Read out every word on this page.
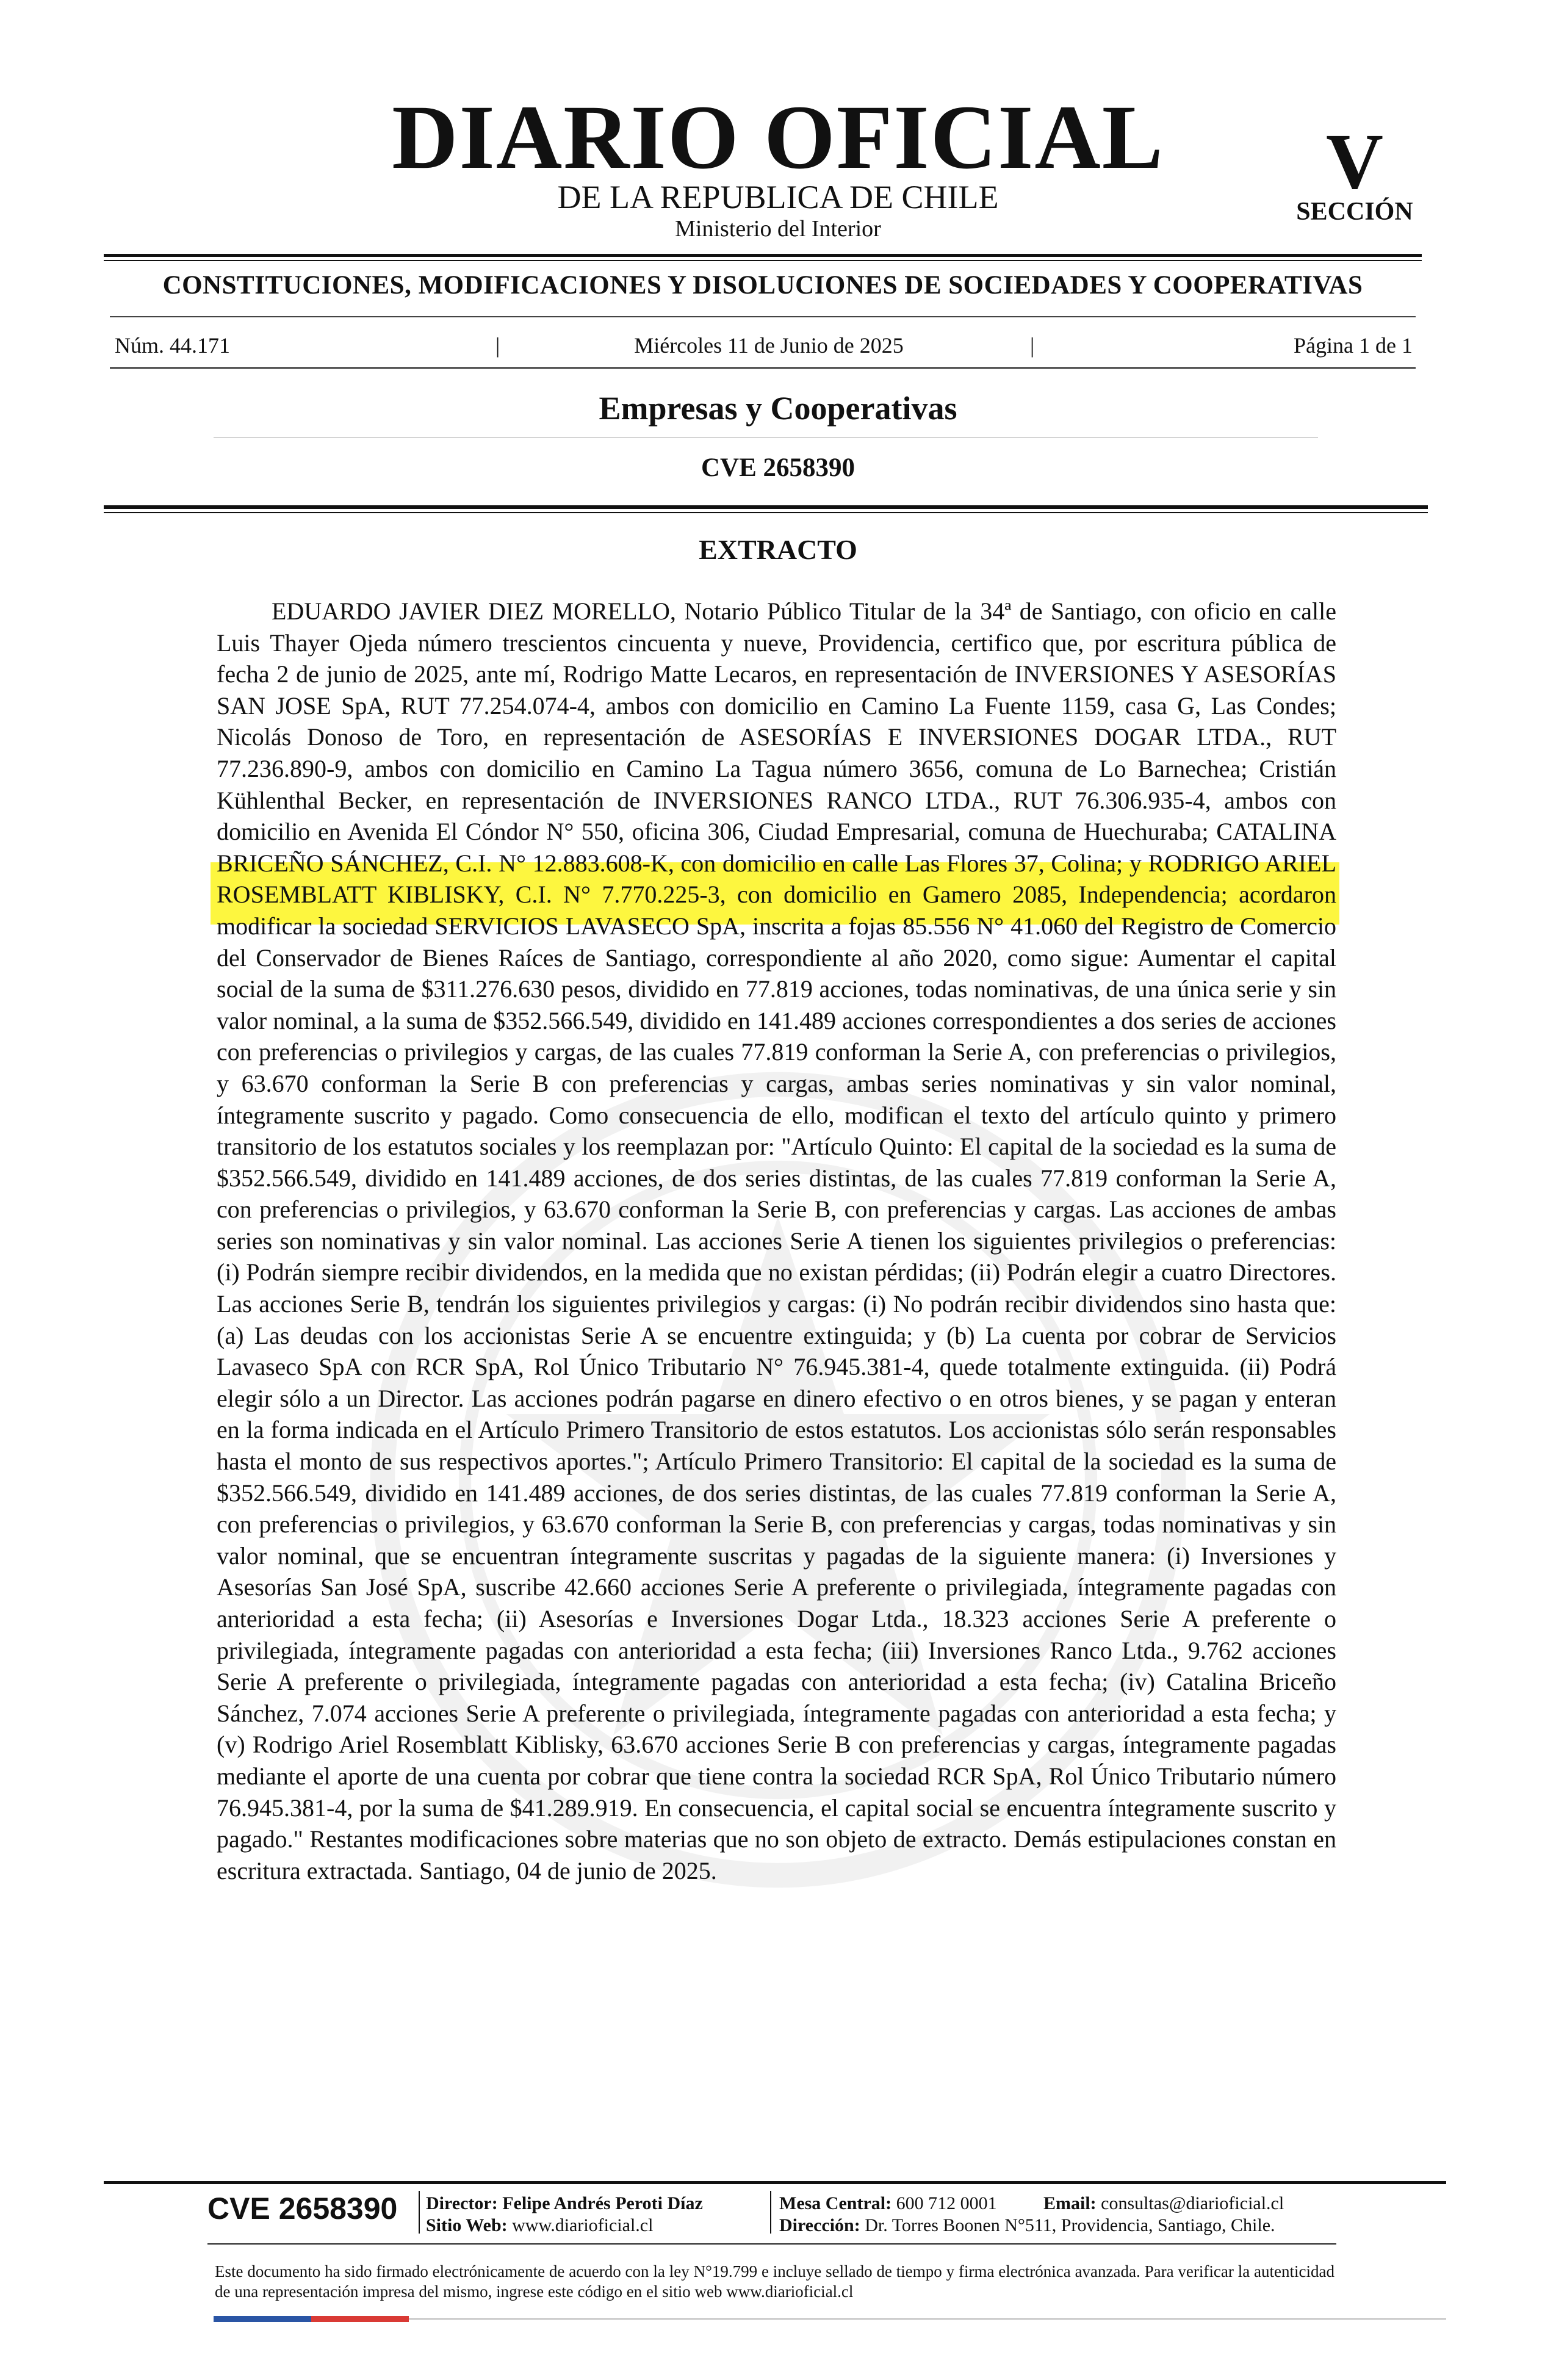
DIARIO OFICIAL
DE LA REPUBLICA DE CHILE
Ministerio del Interior
V
SECCIÓN
CONSTITUCIONES, MODIFICACIONES Y DISOLUCIONES DE SOCIEDADES Y COOPERATIVAS
Núm. 44.171	|	Miércoles 11 de Junio de 2025	|	Página 1 de 1
Empresas y Cooperativas
CVE 2658390
EXTRACTO
EDUARDO JAVIER DIEZ MORELLO, Notario Público Titular de la 34ª de Santiago, con oficio en calle Luis Thayer Ojeda número trescientos cincuenta y nueve, Providencia, certifico que, por escritura pública de fecha 2 de junio de 2025, ante mí, Rodrigo Matte Lecaros, en representación de INVERSIONES Y ASESORÍAS SAN JOSE SpA, RUT 77.254.074-4, ambos con domicilio en Camino La Fuente 1159, casa G, Las Condes; Nicolás Donoso de Toro, en representación de ASESORÍAS E INVERSIONES DOGAR LTDA., RUT 77.236.890-9, ambos con domicilio en Camino La Tagua número 3656, comuna de Lo Barnechea; Cristián Kühlenthal Becker, en representación de INVERSIONES RANCO LTDA., RUT 76.306.935-4, ambos con domicilio en Avenida El Cóndor N° 550, oficina 306, Ciudad Empresarial, comuna de Huechuraba; CATALINA BRICEÑO SÁNCHEZ, C.I. N° 12.883.608-K, con domicilio en calle Las Flores 37, Colina; y RODRIGO ARIEL ROSEMBLATT KIBLISKY, C.I. N° 7.770.225-3, con domicilio en Gamero 2085, Independencia; acordaron modificar la sociedad SERVICIOS LAVASECO SpA, inscrita a fojas 85.556 N° 41.060 del Registro de Comercio del Conservador de Bienes Raíces de Santiago, correspondiente al año 2020, como sigue: Aumentar el capital social de la suma de $311.276.630 pesos, dividido en 77.819 acciones, todas nominativas, de una única serie y sin valor nominal, a la suma de $352.566.549, dividido en 141.489 acciones correspondientes a dos series de acciones con preferencias o privilegios y cargas, de las cuales 77.819 conforman la Serie A, con preferencias o privilegios, y 63.670 conforman la Serie B con preferencias y cargas, ambas series nominativas y sin valor nominal, íntegramente suscrito y pagado. Como consecuencia de ello, modifican el texto del artículo quinto y primero transitorio de los estatutos sociales y los reemplazan por: "Artículo Quinto: El capital de la sociedad es la suma de $352.566.549, dividido en 141.489 acciones, de dos series distintas, de las cuales 77.819 conforman la Serie A, con preferencias o privilegios, y 63.670 conforman la Serie B, con preferencias y cargas. Las acciones de ambas series son nominativas y sin valor nominal. Las acciones Serie A tienen los siguientes privilegios o preferencias: (i) Podrán siempre recibir dividendos, en la medida que no existan pérdidas; (ii) Podrán elegir a cuatro Directores. Las acciones Serie B, tendrán los siguientes privilegios y cargas: (i) No podrán recibir dividendos sino hasta que: (a) Las deudas con los accionistas Serie A se encuentre extinguida; y (b) La cuenta por cobrar de Servicios Lavaseco SpA con RCR SpA, Rol Único Tributario N° 76.945.381-4, quede totalmente extinguida. (ii) Podrá elegir sólo a un Director. Las acciones podrán pagarse en dinero efectivo o en otros bienes, y se pagan y enteran en la forma indicada en el Artículo Primero Transitorio de estos estatutos. Los accionistas sólo serán responsables hasta el monto de sus respectivos aportes."; Artículo Primero Transitorio: El capital de la sociedad es la suma de $352.566.549, dividido en 141.489 acciones, de dos series distintas, de las cuales 77.819 conforman la Serie A, con preferencias o privilegios, y 63.670 conforman la Serie B, con preferencias y cargas, todas nominativas y sin valor nominal, que se encuentran íntegramente suscritas y pagadas de la siguiente manera: (i) Inversiones y Asesorías San José SpA, suscribe 42.660 acciones Serie A preferente o privilegiada, íntegramente pagadas con anterioridad a esta fecha; (ii) Asesorías e Inversiones Dogar Ltda., 18.323 acciones Serie A preferente o privilegiada, íntegramente pagadas con anterioridad a esta fecha; (iii) Inversiones Ranco Ltda., 9.762 acciones Serie A preferente o privilegiada, íntegramente pagadas con anterioridad a esta fecha; (iv) Catalina Briceño Sánchez, 7.074 acciones Serie A preferente o privilegiada, íntegramente pagadas con anterioridad a esta fecha; y (v) Rodrigo Ariel Rosemblatt Kiblisky, 63.670 acciones Serie B con preferencias y cargas, íntegramente pagadas mediante el aporte de una cuenta por cobrar que tiene contra la sociedad RCR SpA, Rol Único Tributario número 76.945.381-4, por la suma de $41.289.919. En consecuencia, el capital social se encuentra íntegramente suscrito y pagado." Restantes modificaciones sobre materias que no son objeto de extracto. Demás estipulaciones constan en escritura extractada. Santiago, 04 de junio de 2025.
CVE 2658390 Director: Felipe Andrés Peroti Díaz
Sitio Web: www.diarioficial.cl
Mesa Central: 600 712 0001	Email: consultas@diarioficial.cl
Dirección: Dr. Torres Boonen N°511, Providencia, Santiago, Chile.
Este documento ha sido firmado electrónicamente de acuerdo con la ley N°19.799 e incluye sellado de tiempo y firma electrónica avanzada. Para verificar la autenticidad de una representación impresa del mismo, ingrese este código en el sitio web www.diarioficial.cl
